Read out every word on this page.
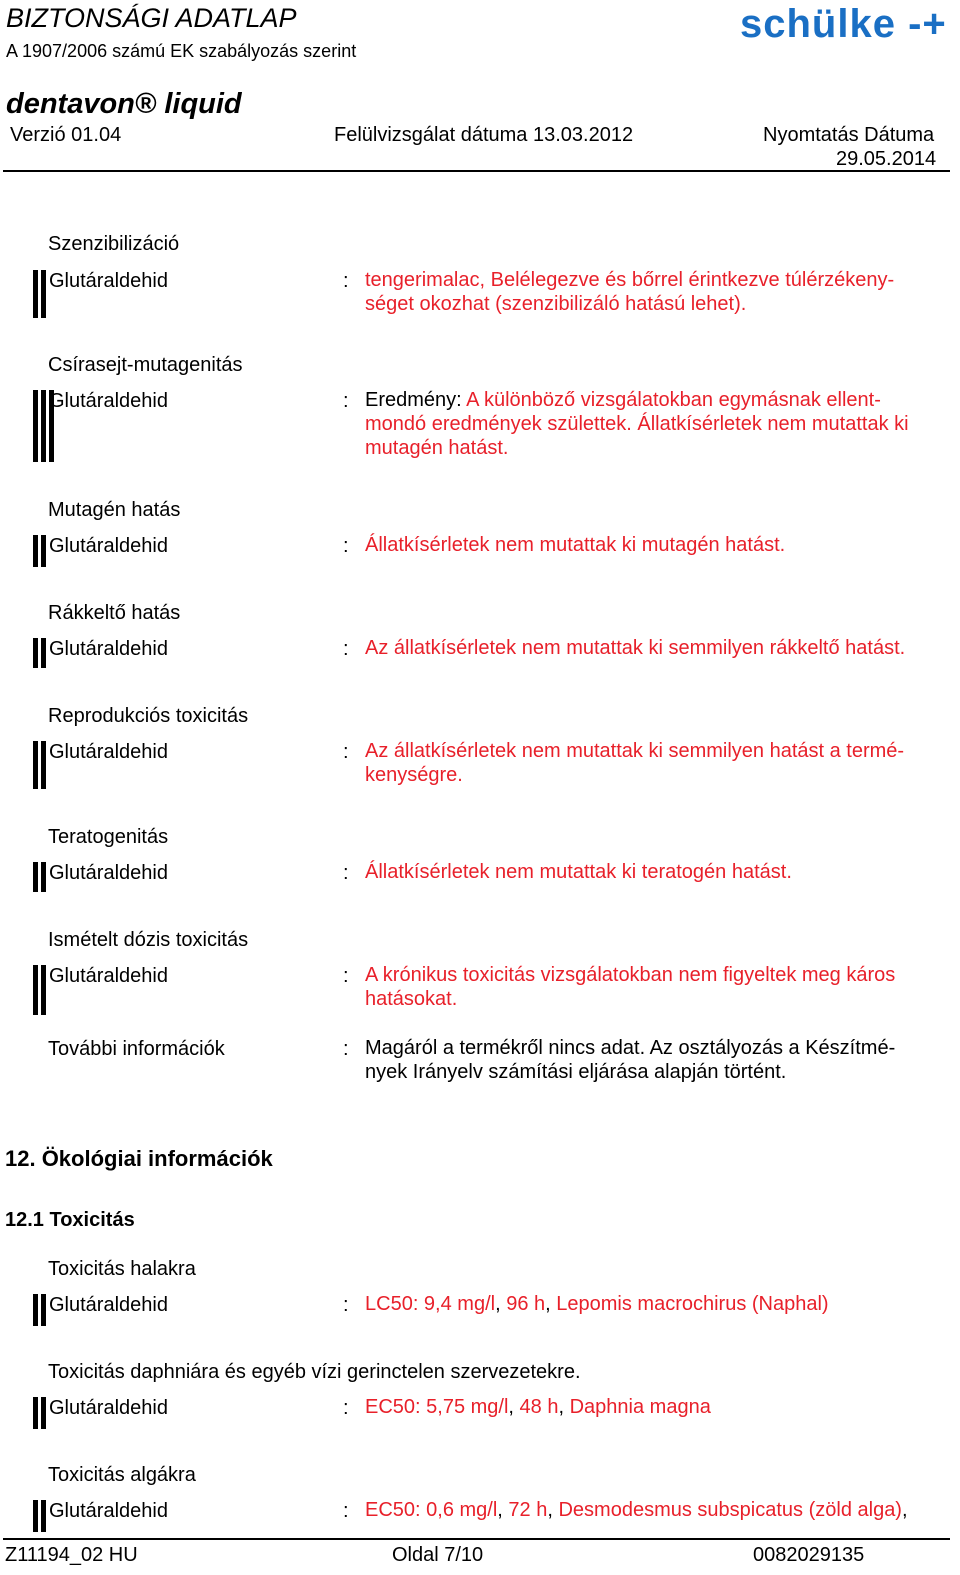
BIZTONSÁGI ADATLAP
A 1907/2006 számú EK szabályozás szerint
schülke -+
dentavon® liquid
Verzió 01.04	Felülvizsgálat dátuma 13.03.2012	Nyomtatás Dátuma
29.05.2014
Szenzibilizáció
Glutáraldehid	: tengerimalac, Belélegezve és bőrrel érintkezve túlérzékeny-
séget okozhat (szenzibilizáló hatású lehet).
Csírasejt-mutagenitás
Glutáraldehid	: Eredmény: A különböző vizsgálatokban egymásnak ellent-
mondó eredmények születtek. Állatkísérletek nem mutattak ki
mutagén hatást.
Mutagén hatás
Glutáraldehid	: Állatkísérletek nem mutattak ki mutagén hatást.
Rákkeltő hatás
Glutáraldehid	: Az állatkísérletek nem mutattak ki semmilyen rákkeltő hatást.
Reprodukciós toxicitás
Glutáraldehid	: Az állatkísérletek nem mutattak ki semmilyen hatást a termé-
kenységre.
Teratogenitás
Glutáraldehid	: Állatkísérletek nem mutattak ki teratogén hatást.
Ismételt dózis toxicitás
Glutáraldehid	: A krónikus toxicitás vizsgálatokban nem figyeltek meg káros
hatásokat.
További információk	: Magáról a termékről nincs adat. Az osztályozás a Készítmé-
nyek Irányelv számítási eljárása alapján történt.
12. Ökológiai információk
12.1 Toxicitás
Toxicitás halakra
Glutáraldehid	: LC50: 9,4 mg/l, 96 h, Lepomis macrochirus (Naphal)
Toxicitás daphniára és egyéb vízi gerinctelen szervezetekre.
Glutáraldehid	: EC50: 5,75 mg/l, 48 h, Daphnia magna
Toxicitás algákra
Glutáraldehid	: EC50: 0,6 mg/l, 72 h, Desmodesmus subspicatus (zöld alga),
Z11194_02 HU	Oldal 7/10	0082029135
